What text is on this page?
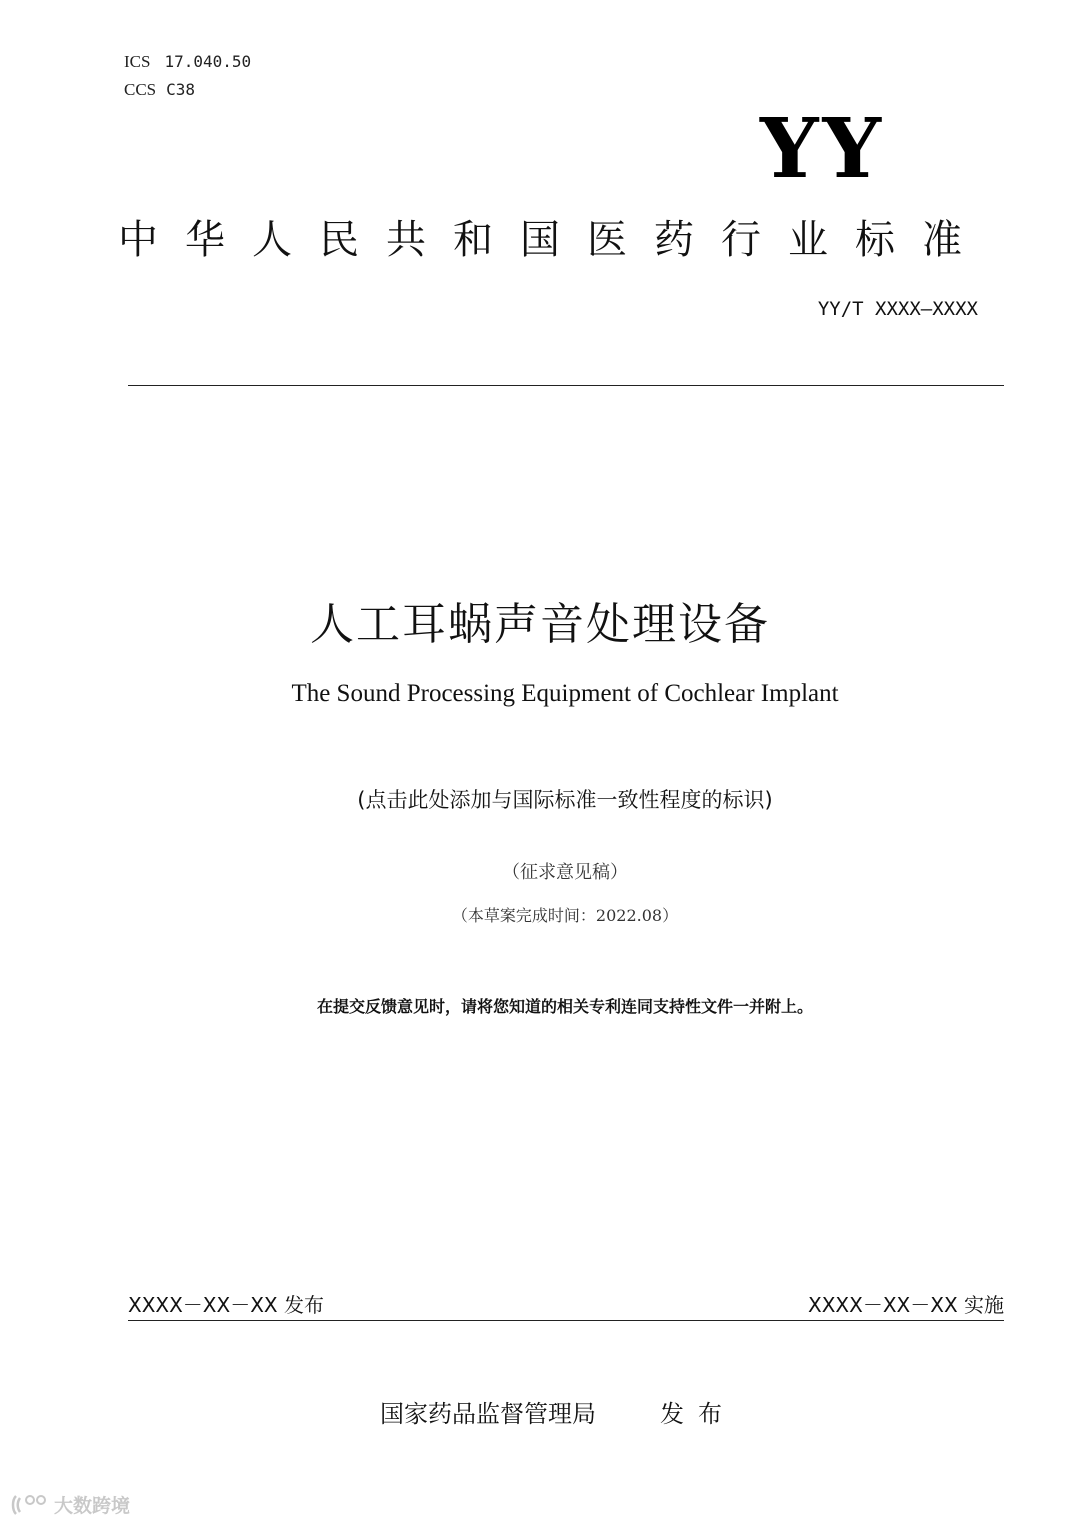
ICS 17.040.50
CCS C38
YY
中华人民共和国医药行业标准
YY/T XXXX—XXXX
人工耳蜗声音处理设备
The Sound Processing Equipment of Cochlear Implant
(点击此处添加与国际标准一致性程度的标识)
（征求意见稿）
（本草案完成时间：2022.08）
在提交反馈意见时，请将您知道的相关专利连同支持性文件一并附上。
XXXX－XX－XX 发布	XXXX－XX－XX 实施
国家药品监督管理局	发布
大数跨境
